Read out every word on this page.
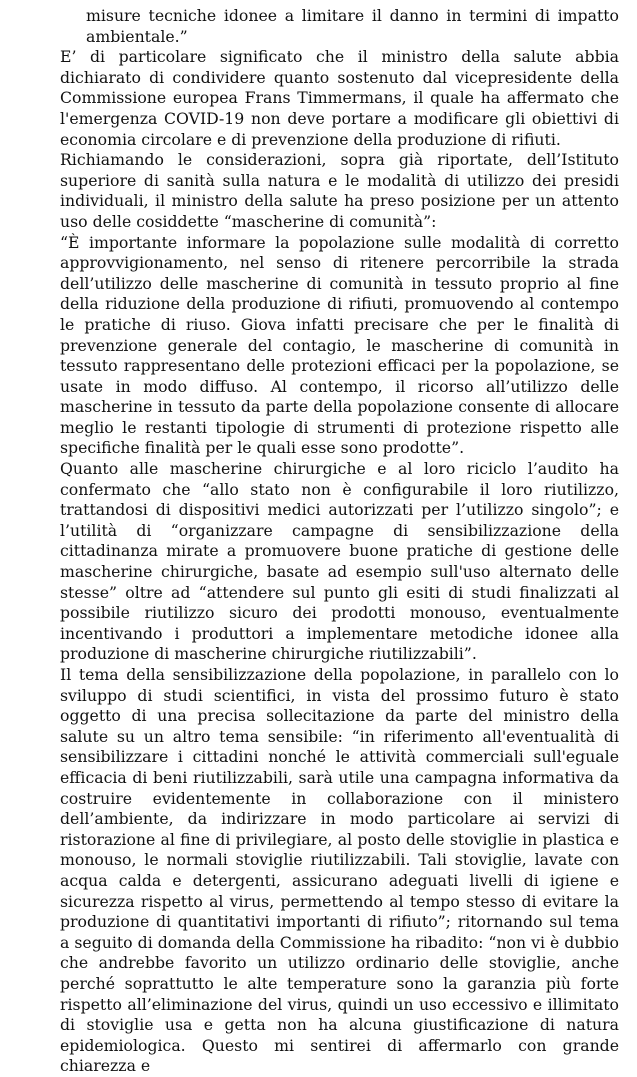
misure tecniche idonee a limitare il danno in termini di impatto ambientale.”

E’ di particolare significato che il ministro della salute abbia dichiarato di condividere quanto sostenuto dal vicepresidente della Commissione europea Frans Timmermans, il quale ha affermato che l'emergenza COVID-19 non deve portare a modificare gli obiettivi di economia circolare e di prevenzione della produzione di rifiuti.

Richiamando le considerazioni, sopra già riportate, dell’Istituto superiore di sanità sulla natura e le modalità di utilizzo dei presidi individuali, il ministro della salute ha preso posizione per un attento uso delle cosiddette “mascherine di comunità”:

“È importante informare la popolazione sulle modalità di corretto approvvigionamento, nel senso di ritenere percorribile la strada dell’utilizzo delle mascherine di comunità in tessuto proprio al fine della riduzione della produzione di rifiuti, promuovendo al contempo le pratiche di riuso. Giova infatti precisare che per le finalità di prevenzione generale del contagio, le mascherine di comunità in tessuto rappresentano delle protezioni efficaci per la popolazione, se usate in modo diffuso. Al contempo, il ricorso all’utilizzo delle mascherine in tessuto da parte della popolazione consente di allocare meglio le restanti tipologie di strumenti di protezione rispetto alle specifiche finalità per le quali esse sono prodotte”.

Quanto alle mascherine chirurgiche e al loro riciclo l’audito ha confermato che “allo stato non è configurabile il loro riutilizzo, trattandosi di dispositivi medici autorizzati per l’utilizzo singolo”; e l’utilità di “organizzare campagne di sensibilizzazione della cittadinanza mirate a promuovere buone pratiche di gestione delle mascherine chirurgiche, basate ad esempio sull'uso alternato delle stesse” oltre ad “attendere sul punto gli esiti di studi finalizzati al possibile riutilizzo sicuro dei prodotti monouso, eventualmente incentivando i produttori a implementare metodiche idonee alla produzione di mascherine chirurgiche riutilizzabili”.

Il tema della sensibilizzazione della popolazione, in parallelo con lo sviluppo di studi scientifici, in vista del prossimo futuro è stato oggetto di una precisa sollecitazione da parte del ministro della salute su un altro tema sensibile: “in riferimento all'eventualità di sensibilizzare i cittadini nonché le attività commerciali sull'eguale efficacia di beni riutilizzabili, sarà utile una campagna informativa da costruire evidentemente in collaborazione con il ministero dell’ambiente, da indirizzare in modo particolare ai servizi di ristorazione al fine di privilegiare, al posto delle stoviglie in plastica e monouso, le normali stoviglie riutilizzabili. Tali stoviglie, lavate con acqua calda e detergenti, assicurano adeguati livelli di igiene e sicurezza rispetto al virus, permettendo al tempo stesso di evitare la produzione di quantitativi importanti di rifiuto”; ritornando sul tema a seguito di domanda della Commissione ha ribadito: “non vi è dubbio che andrebbe favorito un utilizzo ordinario delle stoviglie, anche perché soprattutto le alte temperature sono la garanzia più forte rispetto all’eliminazione del virus, quindi un uso eccessivo e illimitato di stoviglie usa e getta non ha alcuna giustificazione di natura epidemiologica. Questo mi sentirei di affermarlo con grande chiarezza e
